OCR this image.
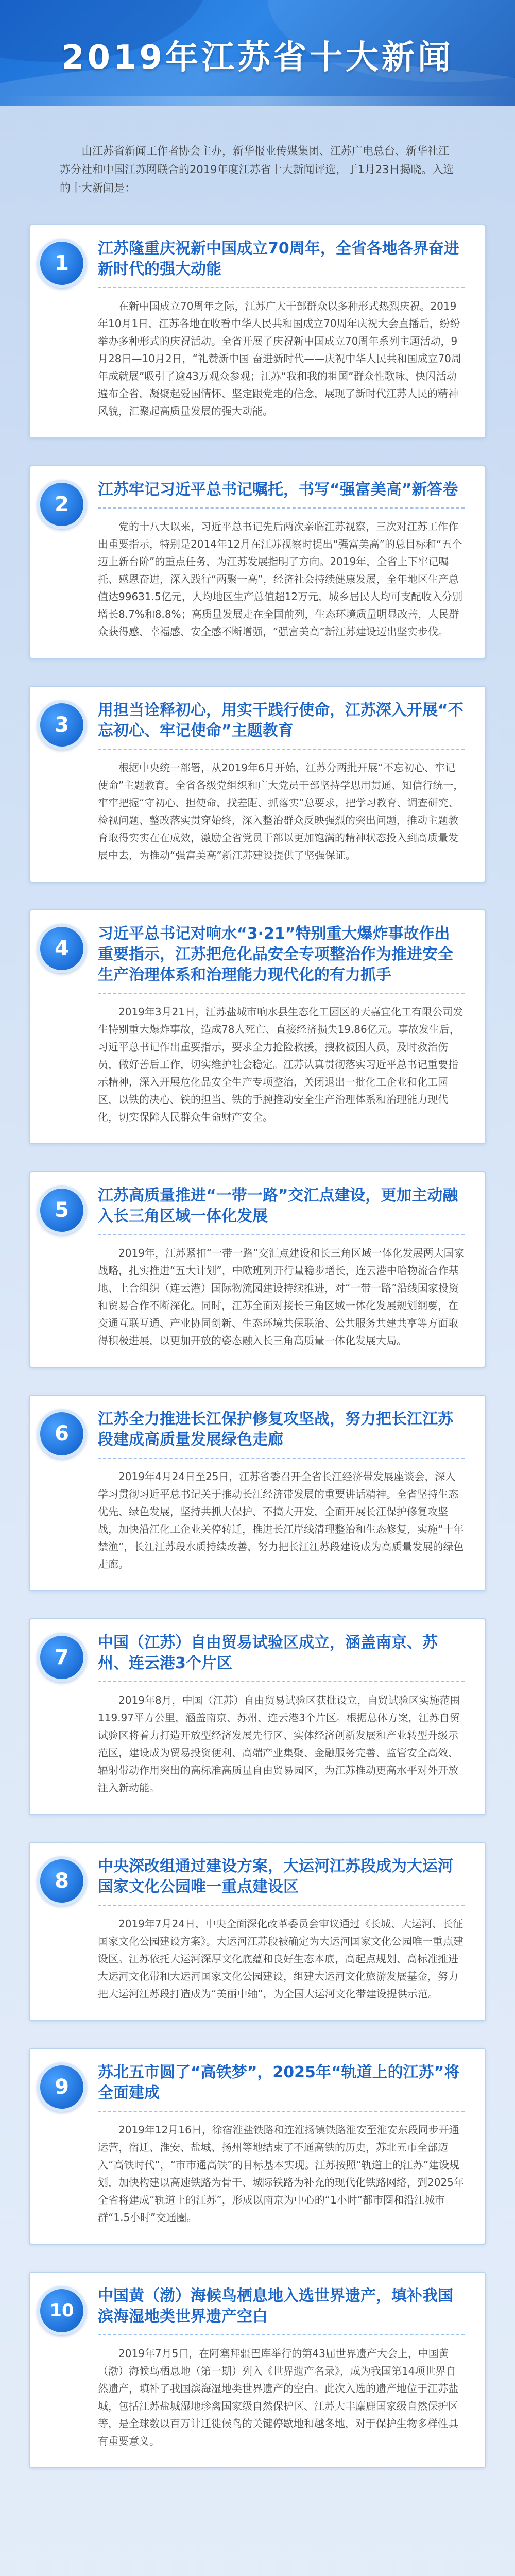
2019年江苏省十大新闻

由江苏省新闻工作者协会主办，新华报业传媒集团、江苏广电总台、新华社江苏分社和中国江苏网联合的2019年度江苏省十大新闻评选，于1月23日揭晓。入选的十大新闻是：

1
江苏隆重庆祝新中国成立70周年，全省各地各界奋进新时代的强大动能

在新中国成立70周年之际，江苏广大干部群众以多种形式热烈庆祝。2019年10月1日，江苏各地在收看中华人民共和国成立70周年庆祝大会直播后，纷纷举办多种形式的庆祝活动。全省开展了庆祝新中国成立70周年系列主题活动，9月28日—10月2日，“礼赞新中国 奋进新时代——庆祝中华人民共和国成立70周年成就展”吸引了逾43万观众参观；江苏“我和我的祖国”群众性歌咏、快闪活动遍布全省，凝聚起爱国情怀、坚定跟党走的信念，展现了新时代江苏人民的精神风貌，汇聚起高质量发展的强大动能。

2
江苏牢记习近平总书记嘱托，书写“强富美高”新答卷

党的十八大以来，习近平总书记先后两次亲临江苏视察，三次对江苏工作作出重要指示，特别是2014年12月在江苏视察时提出“强富美高”的总目标和“五个迈上新台阶”的重点任务，为江苏发展指明了方向。2019年，全省上下牢记嘱托、感恩奋进，深入践行“两聚一高”，经济社会持续健康发展，全年地区生产总值达99631.5亿元，人均地区生产总值超12万元，城乡居民人均可支配收入分别增长8.7%和8.8%；高质量发展走在全国前列，生态环境质量明显改善，人民群众获得感、幸福感、安全感不断增强，“强富美高”新江苏建设迈出坚实步伐。

3
用担当诠释初心，用实干践行使命，江苏深入开展“不忘初心、牢记使命”主题教育

根据中央统一部署，从2019年6月开始，江苏分两批开展“不忘初心、牢记使命”主题教育。全省各级党组织和广大党员干部坚持学思用贯通、知信行统一，牢牢把握“守初心、担使命，找差距、抓落实”总要求，把学习教育、调查研究、检视问题、整改落实贯穿始终，深入整治群众反映强烈的突出问题，推动主题教育取得实实在在成效，激励全省党员干部以更加饱满的精神状态投入到高质量发展中去，为推动“强富美高”新江苏建设提供了坚强保证。

4
习近平总书记对响水“3·21”特别重大爆炸事故作出重要指示，江苏把危化品安全专项整治作为推进安全生产治理体系和治理能力现代化的有力抓手

2019年3月21日，江苏盐城市响水县生态化工园区的天嘉宜化工有限公司发生特别重大爆炸事故，造成78人死亡、直接经济损失19.86亿元。事故发生后，习近平总书记作出重要指示，要求全力抢险救援，搜救被困人员，及时救治伤员，做好善后工作，切实维护社会稳定。江苏认真贯彻落实习近平总书记重要指示精神，深入开展危化品安全生产专项整治，关闭退出一批化工企业和化工园区，以铁的决心、铁的担当、铁的手腕推动安全生产治理体系和治理能力现代化，切实保障人民群众生命财产安全。

5
江苏高质量推进“一带一路”交汇点建设，更加主动融入长三角区域一体化发展

2019年，江苏紧扣“一带一路”交汇点建设和长三角区域一体化发展两大国家战略，扎实推进“五大计划”，中欧班列开行量稳步增长，连云港中哈物流合作基地、上合组织（连云港）国际物流园建设持续推进，对“一带一路”沿线国家投资和贸易合作不断深化。同时，江苏全面对接长三角区域一体化发展规划纲要，在交通互联互通、产业协同创新、生态环境共保联治、公共服务共建共享等方面取得积极进展，以更加开放的姿态融入长三角高质量一体化发展大局。

6
江苏全力推进长江保护修复攻坚战，努力把长江江苏段建成高质量发展绿色走廊

2019年4月24日至25日，江苏省委召开全省长江经济带发展座谈会，深入学习贯彻习近平总书记关于推动长江经济带发展的重要讲话精神。全省坚持生态优先、绿色发展，坚持共抓大保护、不搞大开发，全面开展长江保护修复攻坚战，加快沿江化工企业关停转迁，推进长江岸线清理整治和生态修复，实施“十年禁渔”，长江江苏段水质持续改善，努力把长江江苏段建设成为高质量发展的绿色走廊。

7
中国（江苏）自由贸易试验区成立，涵盖南京、苏州、连云港3个片区

2019年8月，中国（江苏）自由贸易试验区获批设立，自贸试验区实施范围119.97平方公里，涵盖南京、苏州、连云港3个片区。根据总体方案，江苏自贸试验区将着力打造开放型经济发展先行区、实体经济创新发展和产业转型升级示范区，建设成为贸易投资便利、高端产业集聚、金融服务完善、监管安全高效、辐射带动作用突出的高标准高质量自由贸易园区，为江苏推动更高水平对外开放注入新动能。

8
中央深改组通过建设方案，大运河江苏段成为大运河国家文化公园唯一重点建设区

2019年7月24日，中央全面深化改革委员会审议通过《长城、大运河、长征国家文化公园建设方案》。大运河江苏段被确定为大运河国家文化公园唯一重点建设区。江苏依托大运河深厚文化底蕴和良好生态本底，高起点规划、高标准推进大运河文化带和大运河国家文化公园建设，组建大运河文化旅游发展基金，努力把大运河江苏段打造成为“美丽中轴”，为全国大运河文化带建设提供示范。

9
苏北五市圆了“高铁梦”，2025年“轨道上的江苏”将全面建成

2019年12月16日，徐宿淮盐铁路和连淮扬镇铁路淮安至淮安东段同步开通运营，宿迁、淮安、盐城、扬州等地结束了不通高铁的历史，苏北五市全部迈入“高铁时代”，“市市通高铁”的目标基本实现。江苏按照“轨道上的江苏”建设规划，加快构建以高速铁路为骨干、城际铁路为补充的现代化铁路网络，到2025年全省将建成“轨道上的江苏”，形成以南京为中心的“1小时”都市圈和沿江城市群“1.5小时”交通圈。

10
中国黄（渤）海候鸟栖息地入选世界遗产，填补我国滨海湿地类世界遗产空白

2019年7月5日，在阿塞拜疆巴库举行的第43届世界遗产大会上，中国黄（渤）海候鸟栖息地（第一期）列入《世界遗产名录》，成为我国第14项世界自然遗产，填补了我国滨海湿地类世界遗产的空白。此次入选的遗产地位于江苏盐城，包括江苏盐城湿地珍禽国家级自然保护区、江苏大丰麋鹿国家级自然保护区等，是全球数以百万计迁徙候鸟的关键停歇地和越冬地，对于保护生物多样性具有重要意义。
